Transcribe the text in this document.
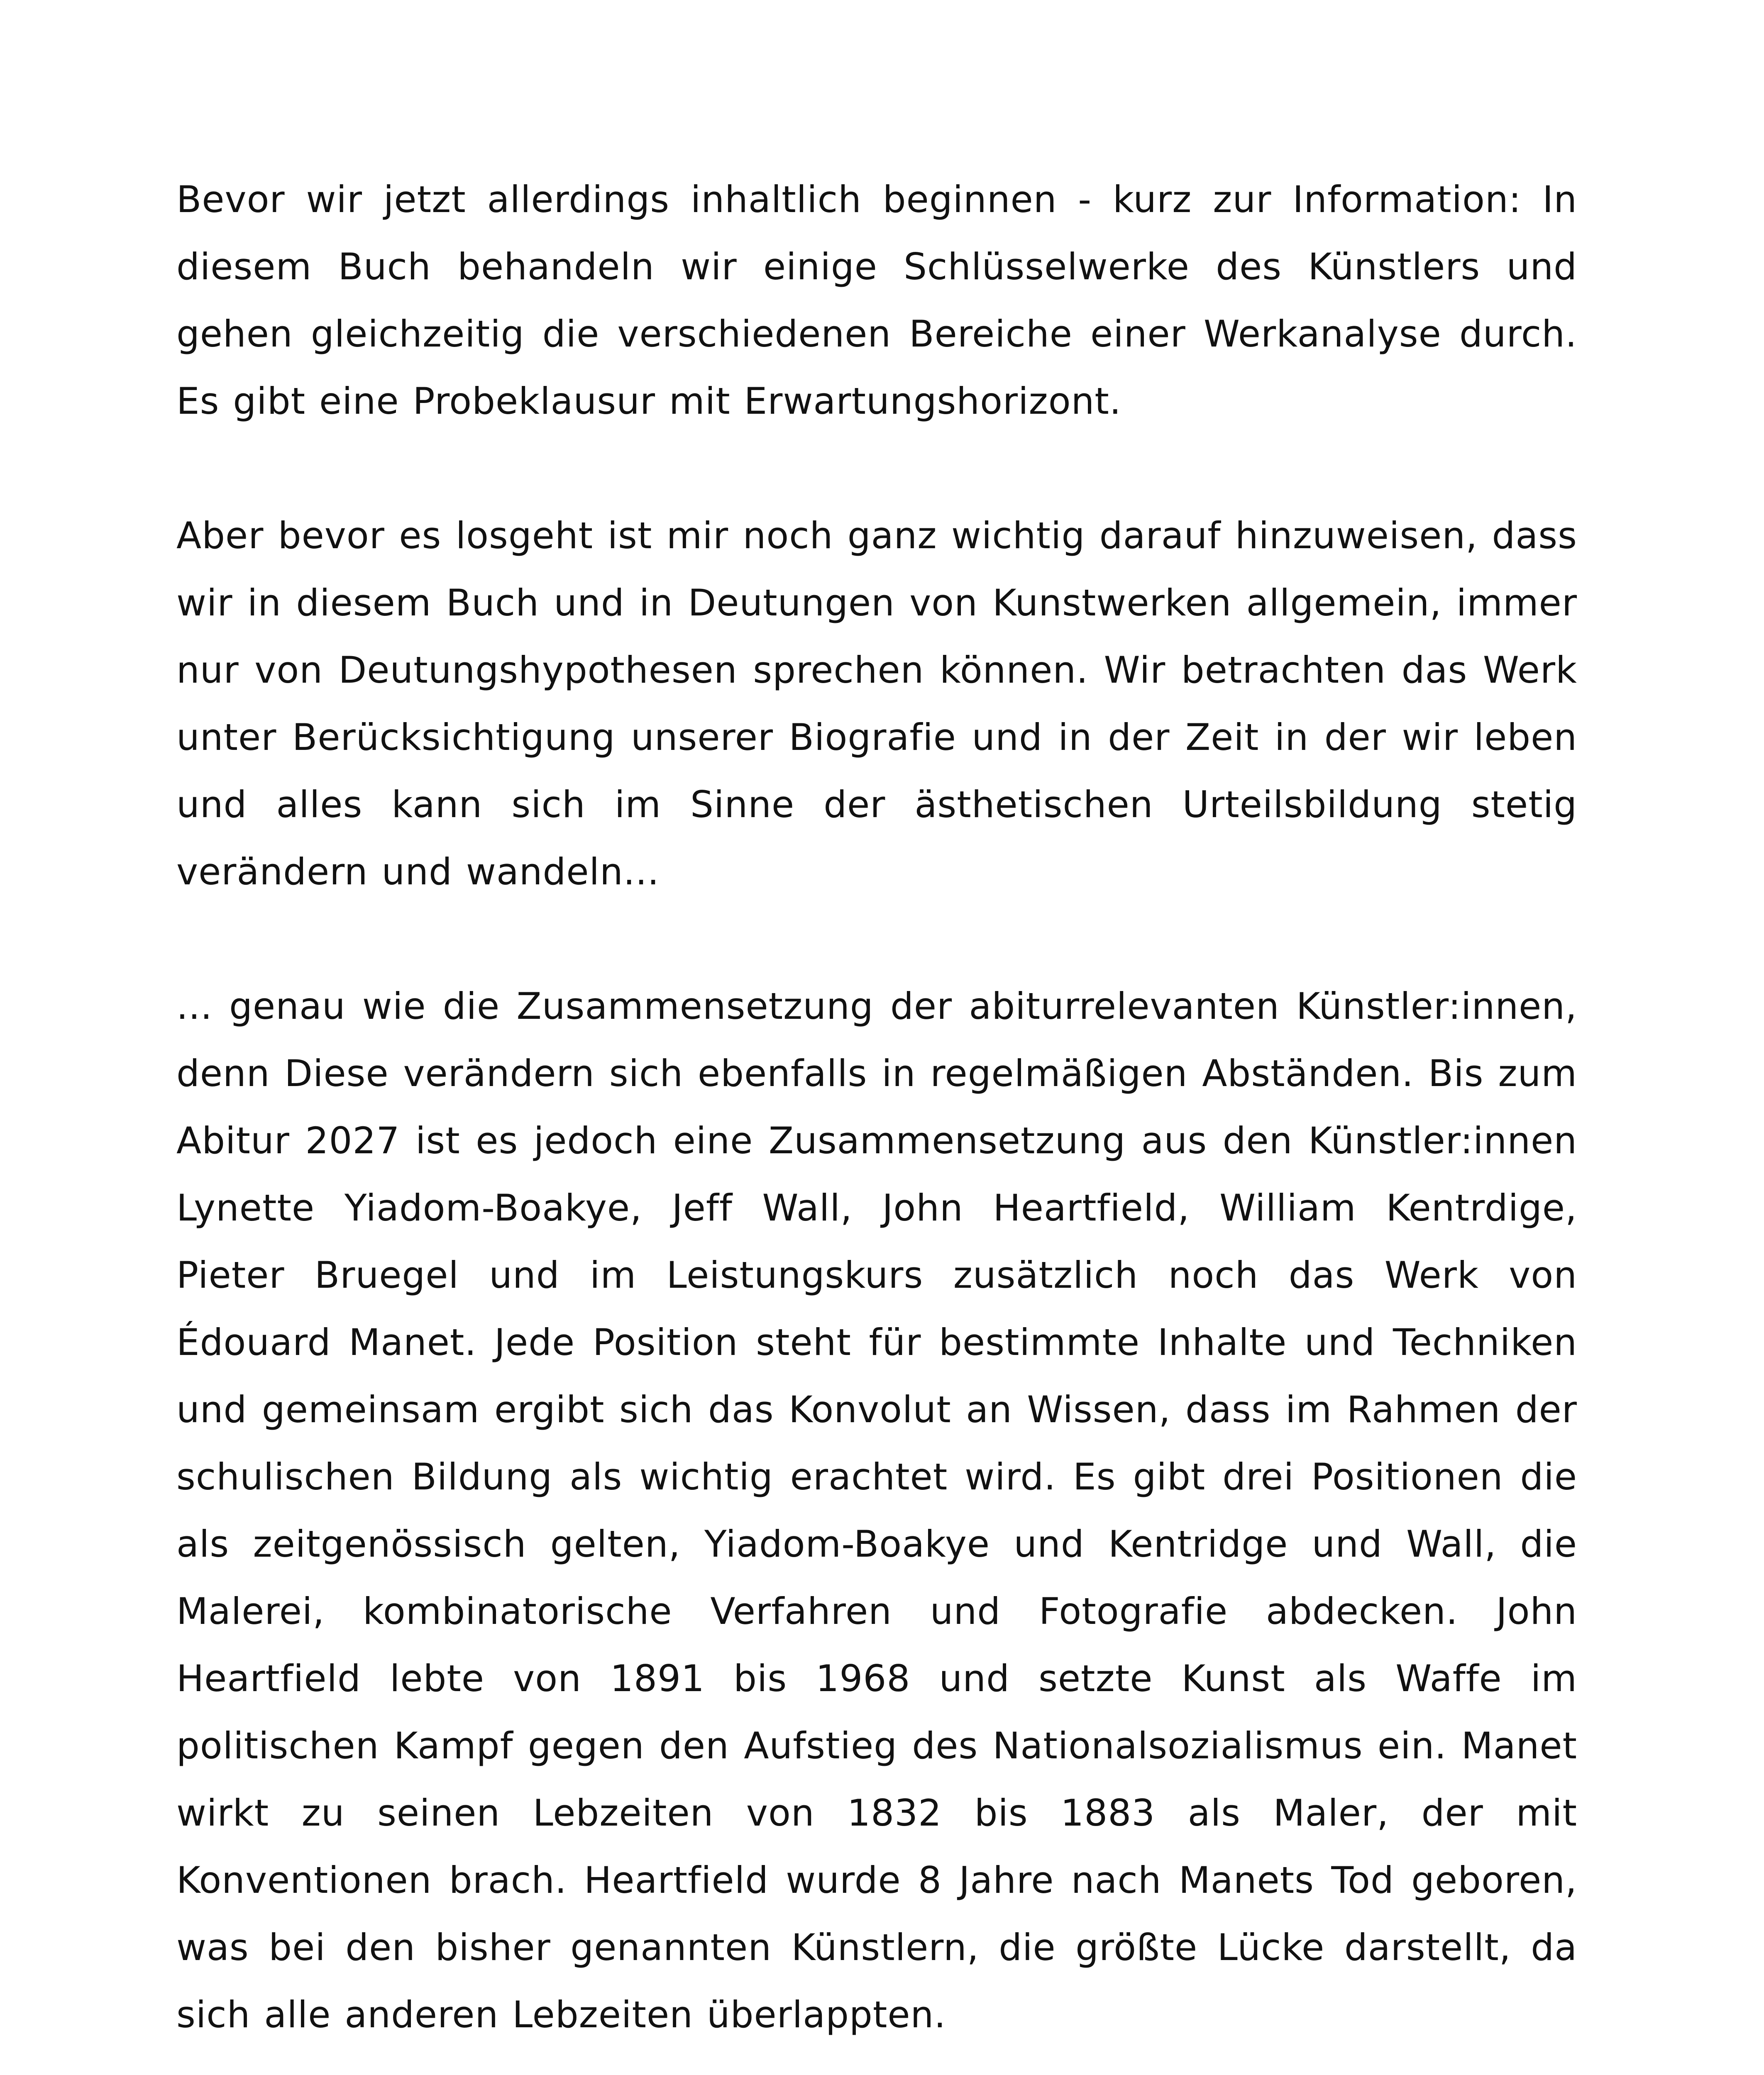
Bevor wir jetzt allerdings inhaltlich beginnen - kurz zur Information: In diesem Buch behandeln wir einige Schlüsselwerke des Künstlers und gehen gleichzeitig die verschiedenen Bereiche einer Werkanalyse durch. Es gibt eine Probeklausur mit Erwartungshorizont.

Aber bevor es losgeht ist mir noch ganz wichtig darauf hinzuweisen, dass wir in diesem Buch und in Deutungen von Kunstwerken allgemein, immer nur von Deutungshypothesen sprechen können. Wir betrachten das Werk unter Berücksichtigung unserer Biografie und in der Zeit in der wir leben und alles kann sich im Sinne der ästhetischen Urteilsbildung stetig verändern und wandeln...

... genau wie die Zusammensetzung der abiturrelevanten Künstler:innen, denn Diese verändern sich ebenfalls in regelmäßigen Abständen. Bis zum Abitur 2027 ist es jedoch eine Zusammensetzung aus den Künstler:innen Lynette Yiadom-Boakye, Jeff Wall, John Heartfield, William Kentrdige, Pieter Bruegel und im Leistungskurs zusätzlich noch das Werk von Édouard Manet. Jede Position steht für bestimmte Inhalte und Techniken und gemeinsam ergibt sich das Konvolut an Wissen, dass im Rahmen der schulischen Bildung als wichtig erachtet wird. Es gibt drei Positionen die als zeitgenössisch gelten, Yiadom-Boakye und Kentridge und Wall, die Malerei, kombinatorische Verfahren und Fotografie abdecken. John Heartfield lebte von 1891 bis 1968 und setzte Kunst als Waffe im politischen Kampf gegen den Aufstieg des Nationalsozialismus ein. Manet wirkt zu seinen Lebzeiten von 1832 bis 1883 als Maler, der mit Konventionen brach. Heartfield wurde 8 Jahre nach Manets Tod geboren, was bei den bisher genannten Künstlern, die größte Lücke darstellt, da sich alle anderen Lebzeiten überlappten.
